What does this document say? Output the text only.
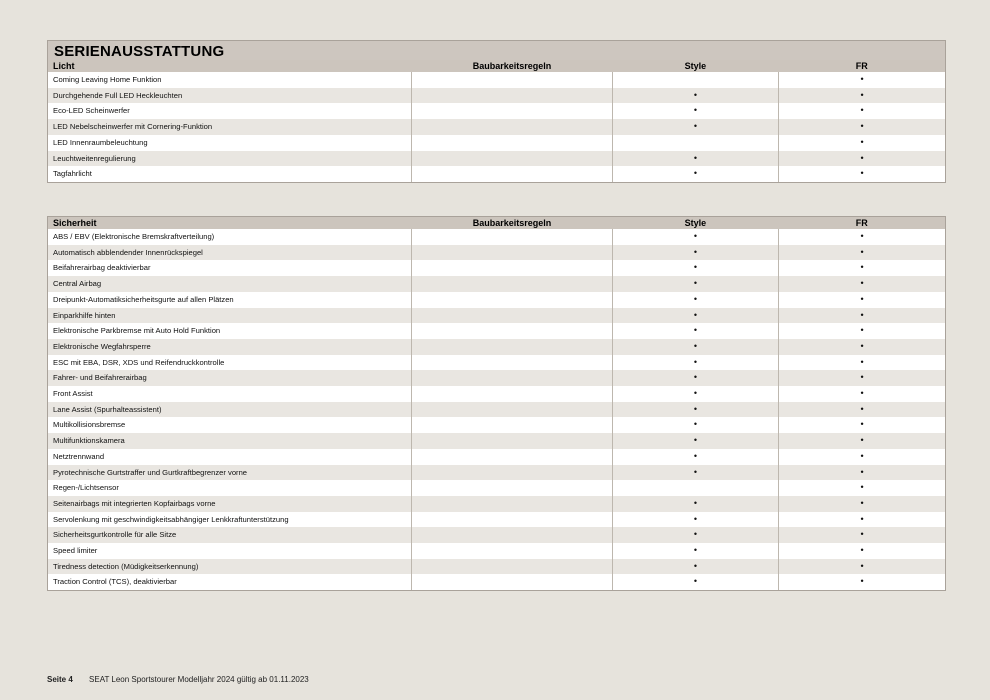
SERIENAUSSTATTUNG
Licht	Baubarkeitsregeln	Style	FR
Coming Leaving Home Funktion			•
Durchgehende Full LED Heckleuchten		•	•
Eco-LED Scheinwerfer		•	•
LED Nebelscheinwerfer mit Cornering-Funktion		•	•
LED Innenraumbeleuchtung			•
Leuchtweitenregulierung		•	•
Tagfahrlicht		•	•
Sicherheit	Baubarkeitsregeln	Style	FR
ABS / EBV (Elektronische Bremskraftverteilung)		•	•
Automatisch abblendender Innenrückspiegel		•	•
Beifahrerairbag deaktivierbar		•	•
Central Airbag		•	•
Dreipunkt-Automatiksicherheitsgurte auf allen Plätzen		•	•
Einparkhilfe hinten		•	•
Elektronische Parkbremse mit Auto Hold Funktion		•	•
Elektronische Wegfahrsperre		•	•
ESC mit EBA, DSR, XDS und Reifendruckkontrolle		•	•
Fahrer- und Beifahrerairbag		•	•
Front Assist		•	•
Lane Assist (Spurhalteassistent)		•	•
Multikollisionsbremse		•	•
Multifunktionskamera		•	•
Netztrennwand		•	•
Pyrotechnische Gurtstraffer und Gurtkraftbegrenzer vorne		•	•
Regen-/Lichtsensor			•
Seitenairbags mit integrierten Kopfairbags vorne		•	•
Servolenkung mit geschwindigkeitsabhängiger Lenkkraftunterstützung		•	•
Sicherheitsgurtkontrolle für alle Sitze		•	•
Speed limiter		•	•
Tiredness detection (Müdigkeitserkennung)		•	•
Traction Control (TCS), deaktivierbar		•	•
Seite 4 SEAT Leon Sportstourer Modelljahr 2024 gültig ab 01.11.2023
